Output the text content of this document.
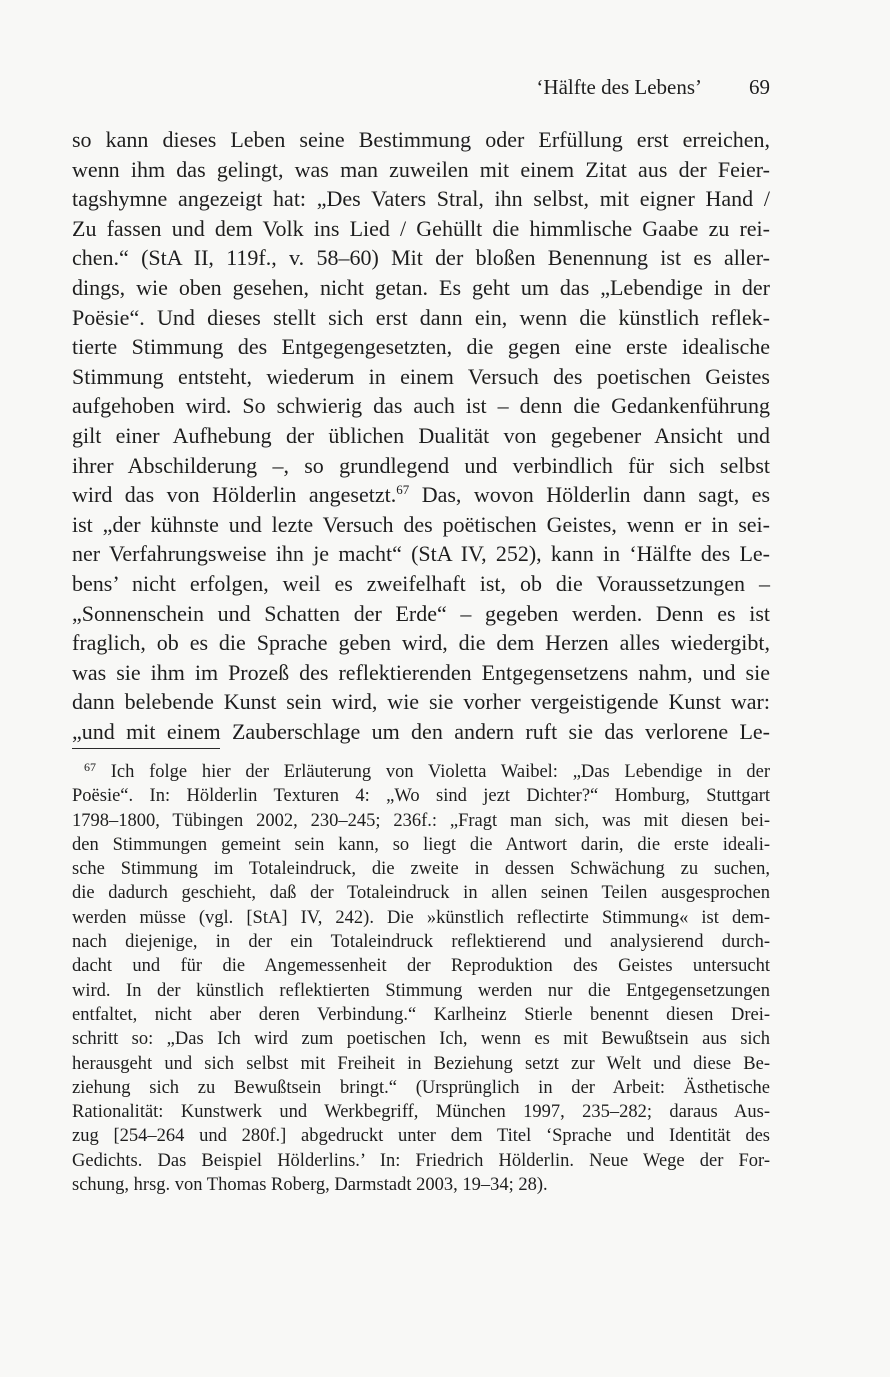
‘Hälfte des Lebens’ 69
so kann dieses Leben seine Bestimmung oder Erfüllung erst erreichen,
wenn ihm das gelingt, was man zuweilen mit einem Zitat aus der Feier-
tagshymne angezeigt hat: „Des Vaters Stral, ihn selbst, mit eigner Hand /
Zu fassen und dem Volk ins Lied / Gehüllt die himmlische Gaabe zu rei-
chen.“ (StA II, 119f., v. 58–60) Mit der bloßen Benennung ist es aller-
dings, wie oben gesehen, nicht getan. Es geht um das „Lebendige in der
Poësie“. Und dieses stellt sich erst dann ein, wenn die künstlich reflek-
tierte Stimmung des Entgegengesetzten, die gegen eine erste idealische
Stimmung entsteht, wiederum in einem Versuch des poetischen Geistes
aufgehoben wird. So schwierig das auch ist – denn die Gedankenführung
gilt einer Aufhebung der üblichen Dualität von gegebener Ansicht und
ihrer Abschilderung –, so grundlegend und verbindlich für sich selbst
wird das von Hölderlin angesetzt.$^{67}$ Das, wovon Hölderlin dann sagt, es
ist „der kühnste und lezte Versuch des poëtischen Geistes, wenn er in sei-
ner Verfahrungsweise ihn je macht“ (StA IV, 252), kann in ‘Hälfte des Le-
bens’ nicht erfolgen, weil es zweifelhaft ist, ob die Voraussetzungen –
„Sonnenschein und Schatten der Erde“ – gegeben werden. Denn es ist
fraglich, ob es die Sprache geben wird, die dem Herzen alles wiedergibt,
was sie ihm im Prozeß des reflektierenden Entgegensetzens nahm, und sie
dann belebende Kunst sein wird, wie sie vorher vergeistigende Kunst war:
„und mit einem Zauberschlage um den andern ruft sie das verlorene Le-
$^{67}$ Ich folge hier der Erläuterung von Violetta Waibel: „Das Lebendige in der
Poësie“. In: Hölderlin Texturen 4: „Wo sind jezt Dichter?“ Homburg, Stuttgart
1798–1800, Tübingen 2002, 230–245; 236f.: „Fragt man sich, was mit diesen bei-
den Stimmungen gemeint sein kann, so liegt die Antwort darin, die erste ideali-
sche Stimmung im Totaleindruck, die zweite in dessen Schwächung zu suchen,
die dadurch geschieht, daß der Totaleindruck in allen seinen Teilen ausgesprochen
werden müsse (vgl. [StA] IV, 242). Die »künstlich reflectirte Stimmung« ist dem-
nach diejenige, in der ein Totaleindruck reflektierend und analysierend durch-
dacht und für die Angemessenheit der Reproduktion des Geistes untersucht
wird. In der künstlich reflektierten Stimmung werden nur die Entgegensetzungen
entfaltet, nicht aber deren Verbindung.“ Karlheinz Stierle benennt diesen Drei-
schritt so: „Das Ich wird zum poetischen Ich, wenn es mit Bewußtsein aus sich
herausgeht und sich selbst mit Freiheit in Beziehung setzt zur Welt und diese Be-
ziehung sich zu Bewußtsein bringt.“ (Ursprünglich in der Arbeit: Ästhetische
Rationalität: Kunstwerk und Werkbegriff, München 1997, 235–282; daraus Aus-
zug [254–264 und 280f.] abgedruckt unter dem Titel ‘Sprache und Identität des
Gedichts. Das Beispiel Hölderlins.’ In: Friedrich Hölderlin. Neue Wege der For-
schung, hrsg. von Thomas Roberg, Darmstadt 2003, 19–34; 28).
